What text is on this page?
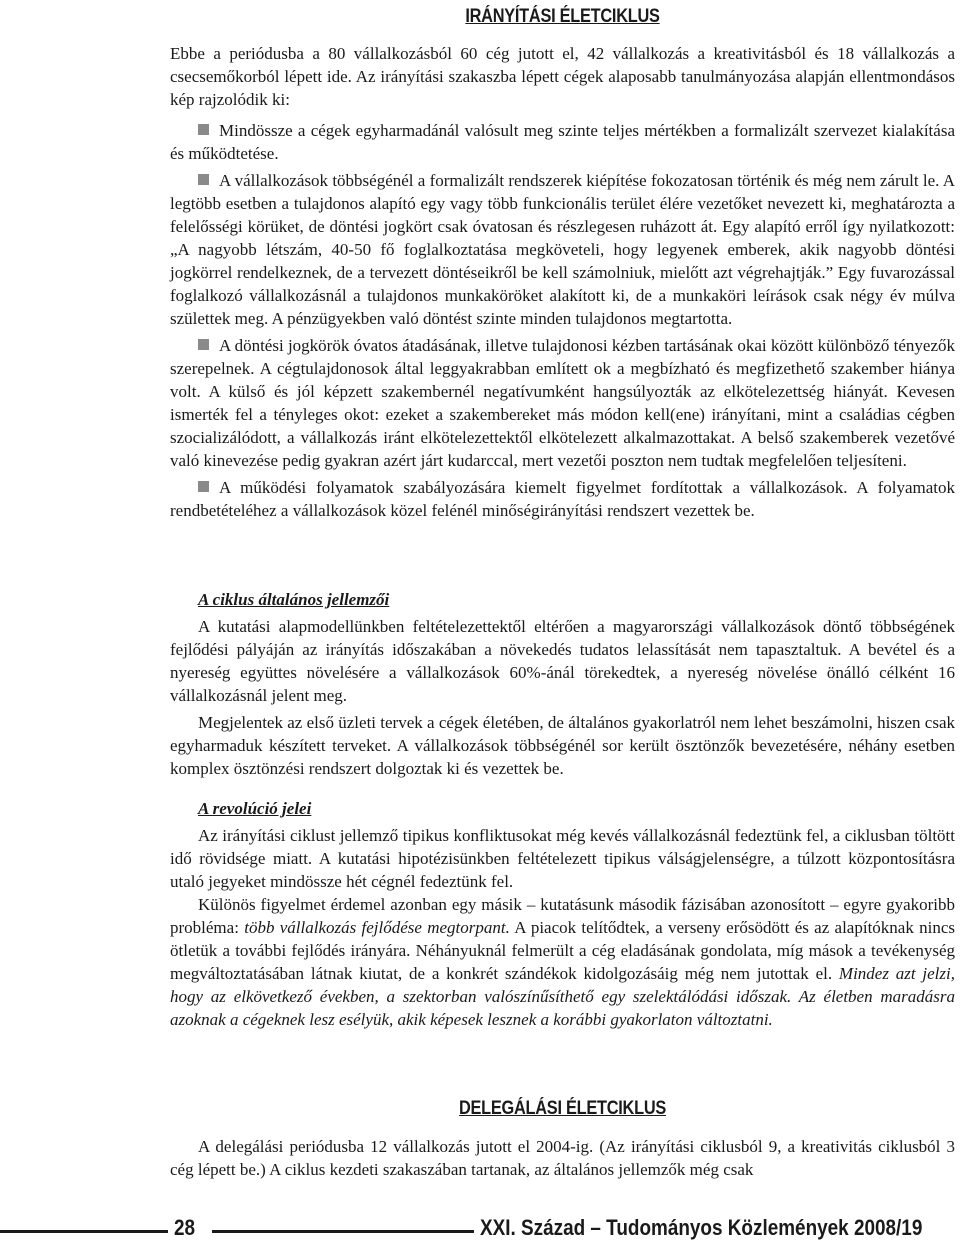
IRÁNYÍTÁSI ÉLETCIKLUS

Ebbe a periódusba a 80 vállalkozásból 60 cég jutott el, 42 vállalkozás a kreativitásból és 18 vállalkozás a csecsemőkorból lépett ide. Az irányítási szakaszba lépett cégek alaposabb tanulmányozása alapján ellentmondásos kép rajzolódik ki:

Mindössze a cégek egyharmadánál valósult meg szinte teljes mértékben a formalizált szervezet kialakítása és működtetése.

A vállalkozások többségénél a formalizált rendszerek kiépítése fokozatosan történik és még nem zárult le. A legtöbb esetben a tulajdonos alapító egy vagy több funkcionális terület élére vezetőket nevezett ki, meghatározta a felelősségi körüket, de döntési jogkört csak óvatosan és részlegesen ruházott át. Egy alapító erről így nyilatkozott: „A nagyobb létszám, 40-50 fő foglalkoztatása megköveteli, hogy legyenek emberek, akik nagyobb döntési jogkörrel rendelkeznek, de a tervezett döntéseikről be kell számolniuk, mielőtt azt végrehajtják.” Egy fuvarozással foglalkozó vállalkozásnál a tulajdonos munkaköröket alakított ki, de a munkaköri leírások csak négy év múlva születtek meg. A pénzügyekben való döntést szinte minden tulajdonos megtartotta.

A döntési jogkörök óvatos átadásának, illetve tulajdonosi kézben tartásának okai között különböző tényezők szerepelnek. A cégtulajdonosok által leggyakrabban említett ok a megbízható és megfizethető szakember hiánya volt. A külső és jól képzett szakembernél negatívumként hangsúlyozták az elkötelezettség hiányát. Kevesen ismerték fel a tényleges okot: ezeket a szakembereket más módon kell(ene) irányítani, mint a családias cégben szocializálódott, a vállalkozás iránt elkötelezettektől elkötelezett alkalmazottakat. A belső szakemberek vezetővé való kinevezése pedig gyakran azért járt kudarccal, mert vezetői poszton nem tudtak megfelelően teljesíteni.

A működési folyamatok szabályozására kiemelt figyelmet fordítottak a vállalkozások. A folyamatok rendbetételéhez a vállalkozások közel felénél minőségirányítási rendszert vezettek be.

A ciklus általános jellemzői

A kutatási alapmodellünkben feltételezettektől eltérően a magyarországi vállalkozások döntő többségének fejlődési pályáján az irányítás időszakában a növekedés tudatos lelassítását nem tapasztaltuk. A bevétel és a nyereség együttes növelésére a vállalkozások 60%-ánál törekedtek, a nyereség növelése önálló célként 16 vállalkozásnál jelent meg.

Megjelentek az első üzleti tervek a cégek életében, de általános gyakorlatról nem lehet beszámolni, hiszen csak egyharmaduk készített terveket. A vállalkozások többségénél sor került ösztönzők bevezetésére, néhány esetben komplex ösztönzési rendszert dolgoztak ki és vezettek be.

A revolúció jelei

Az irányítási ciklust jellemző tipikus konfliktusokat még kevés vállalkozásnál fedeztünk fel, a ciklusban töltött idő rövidsége miatt. A kutatási hipotézisünkben feltételezett tipikus válságjelenségre, a túlzott központosításra utaló jegyeket mindössze hét cégnél fedeztünk fel.

Különös figyelmet érdemel azonban egy másik – kutatásunk második fázisában azonosított – egyre gyakoribb probléma: több vállalkozás fejlődése megtorpant. A piacok telítődtek, a verseny erősödött és az alapítóknak nincs ötletük a további fejlődés irányára. Néhányuknál felmerült a cég eladásának gondolata, míg mások a tevékenység megváltoztatásában látnak kiutat, de a konkrét szándékok kidolgozásáig még nem jutottak el. Mindez azt jelzi, hogy az elkövetkező években, a szektorban valószínűsíthető egy szelektálódási időszak. Az életben maradásra azoknak a cégeknek lesz esélyük, akik képesek lesznek a korábbi gyakorlaton változtatni.

DELEGÁLÁSI ÉLETCIKLUS

A delegálási periódusba 12 vállalkozás jutott el 2004-ig. (Az irányítási ciklusból 9, a kreativitás ciklusból 3 cég lépett be.) A ciklus kezdeti szakaszában tartanak, az általános jellemzők még csak

28	XXI. Század – Tudományos Közlemények 2008/19
